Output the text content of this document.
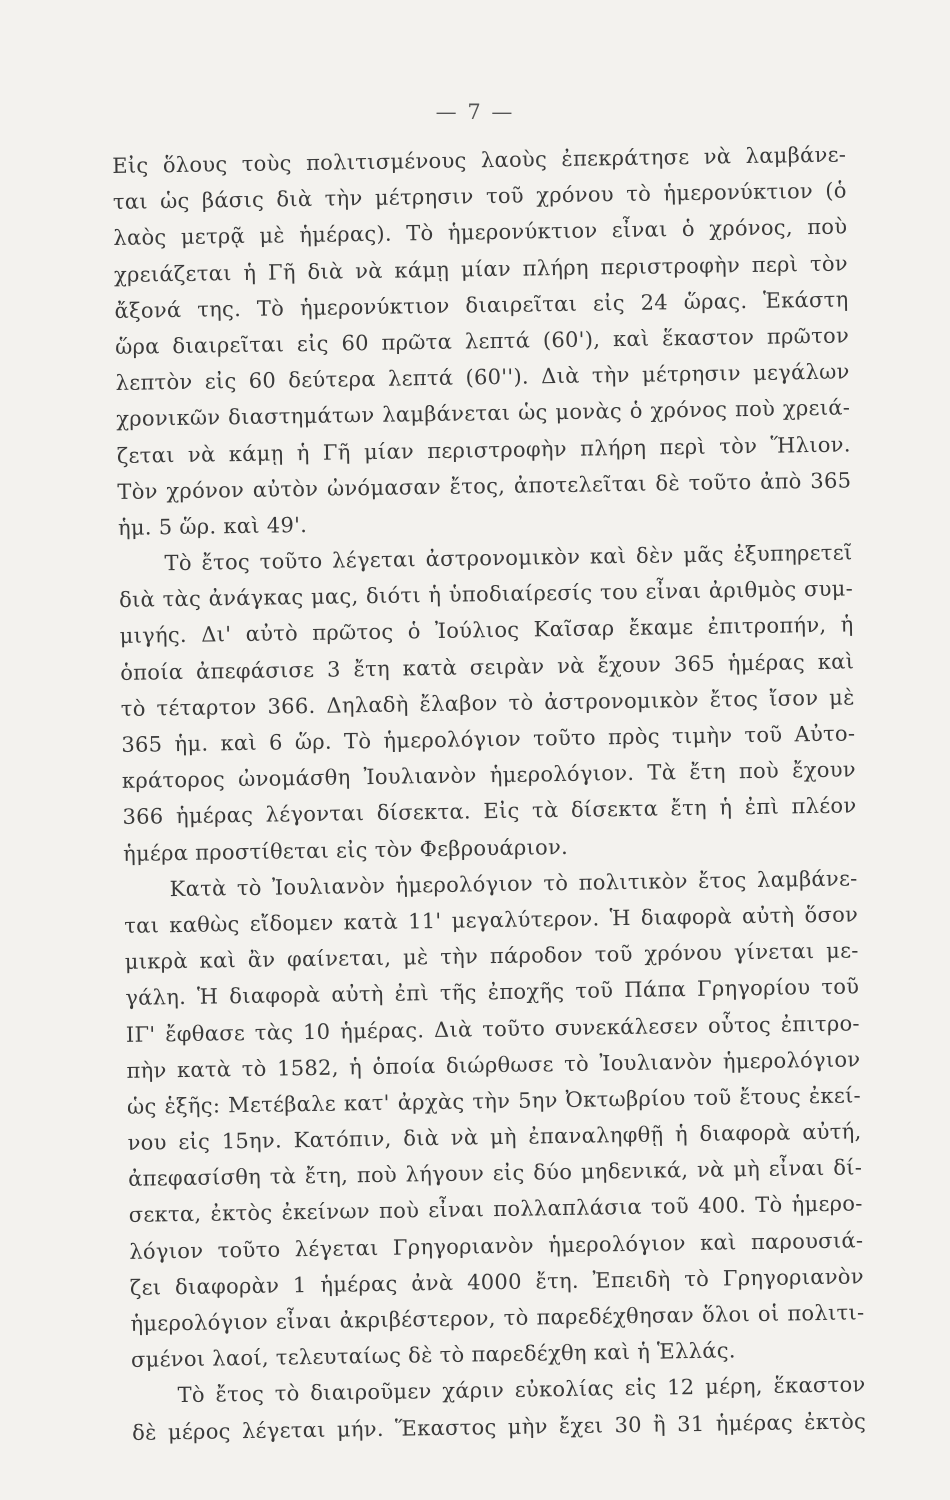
— 7 —
Εἰς ὅλους τοὺς πολιτισμένους λαοὺς ἐπεκράτησε νὰ λαμβάνε-
ται ὡς βάσις διὰ τὴν μέτρησιν τοῦ χρόνου τὸ ἡμερονύκτιον (ὁ
λαὸς μετρᾷ μὲ ἡμέρας). Τὸ ἡμερονύκτιον εἶναι ὁ χρόνος, ποὺ
χρειάζεται ἡ Γῆ διὰ νὰ κάμῃ μίαν πλήρη περιστροφὴν περὶ τὸν
ἄξονά της. Τὸ ἡμερονύκτιον διαιρεῖται εἰς 24 ὥρας. Ἑκάστη
ὥρα διαιρεῖται εἰς 60 πρῶτα λεπτά (60'), καὶ ἕκαστον πρῶτον
λεπτὸν εἰς 60 δεύτερα λεπτά (60''). Διὰ τὴν μέτρησιν μεγάλων
χρονικῶν διαστημάτων λαμβάνεται ὡς μονὰς ὁ χρόνος ποὺ χρειά-
ζεται νὰ κάμῃ ἡ Γῆ μίαν περιστροφὴν πλήρη περὶ τὸν Ἥλιον.
Τὸν χρόνον αὐτὸν ὠνόμασαν ἔτος, ἀποτελεῖται δὲ τοῦτο ἀπὸ 365
ἡμ. 5 ὥρ. καὶ 49'.
Τὸ ἔτος τοῦτο λέγεται ἀστρονομικὸν καὶ δὲν μᾶς ἐξυπηρετεῖ
διὰ τὰς ἀνάγκας μας, διότι ἡ ὑποδιαίρεσίς του εἶναι ἀριθμὸς συμ-
μιγής. Δι' αὐτὸ πρῶτος ὁ Ἰούλιος Καῖσαρ ἔκαμε ἐπιτροπήν, ἡ
ὁποία ἀπεφάσισε 3 ἔτη κατὰ σειρὰν νὰ ἔχουν 365 ἡμέρας καὶ
τὸ τέταρτον 366. Δηλαδὴ ἔλαβον τὸ ἀστρονομικὸν ἔτος ἴσον μὲ
365 ἡμ. καὶ 6 ὥρ. Τὸ ἡμερολόγιον τοῦτο πρὸς τιμὴν τοῦ Αὐτο-
κράτορος ὠνομάσθη Ἰουλιανὸν ἡμερολόγιον. Τὰ ἔτη ποὺ ἔχουν
366 ἡμέρας λέγονται δίσεκτα. Εἰς τὰ δίσεκτα ἔτη ἡ ἐπὶ πλέον
ἡμέρα προστίθεται εἰς τὸν Φεβρουάριον.
Κατὰ τὸ Ἰουλιανὸν ἡμερολόγιον τὸ πολιτικὸν ἔτος λαμβάνε-
ται καθὼς εἴδομεν κατὰ 11' μεγαλύτερον. Ἡ διαφορὰ αὐτὴ ὅσον
μικρὰ καὶ ἂν φαίνεται, μὲ τὴν πάροδον τοῦ χρόνου γίνεται με-
γάλη. Ἡ διαφορὰ αὐτὴ ἐπὶ τῆς ἐποχῆς τοῦ Πάπα Γρηγορίου τοῦ
ΙΓ' ἔφθασε τὰς 10 ἡμέρας. Διὰ τοῦτο συνεκάλεσεν οὗτος ἐπιτρο-
πὴν κατὰ τὸ 1582, ἡ ὁποία διώρθωσε τὸ Ἰουλιανὸν ἡμερολόγιον
ὡς ἑξῆς: Μετέβαλε κατ' ἀρχὰς τὴν 5ην Ὀκτωβρίου τοῦ ἔτους ἐκεί-
νου εἰς 15ην. Κατόπιν, διὰ νὰ μὴ ἐπαναληφθῇ ἡ διαφορὰ αὐτή,
ἀπεφασίσθη τὰ ἔτη, ποὺ λήγουν εἰς δύο μηδενικά, νὰ μὴ εἶναι δί-
σεκτα, ἐκτὸς ἐκείνων ποὺ εἶναι πολλαπλάσια τοῦ 400. Τὸ ἡμερο-
λόγιον τοῦτο λέγεται Γρηγοριανὸν ἡμερολόγιον καὶ παρουσιά-
ζει διαφορὰν 1 ἡμέρας ἀνὰ 4000 ἔτη. Ἐπειδὴ τὸ Γρηγοριανὸν
ἡμερολόγιον εἶναι ἀκριβέστερον, τὸ παρεδέχθησαν ὅλοι οἱ πολιτι-
σμένοι λαοί, τελευταίως δὲ τὸ παρεδέχθη καὶ ἡ Ἑλλάς.
Τὸ ἔτος τὸ διαιροῦμεν χάριν εὐκολίας εἰς 12 μέρη, ἕκαστον
δὲ μέρος λέγεται μήν. Ἕκαστος μὴν ἔχει 30 ἢ 31 ἡμέρας ἐκτὸς
